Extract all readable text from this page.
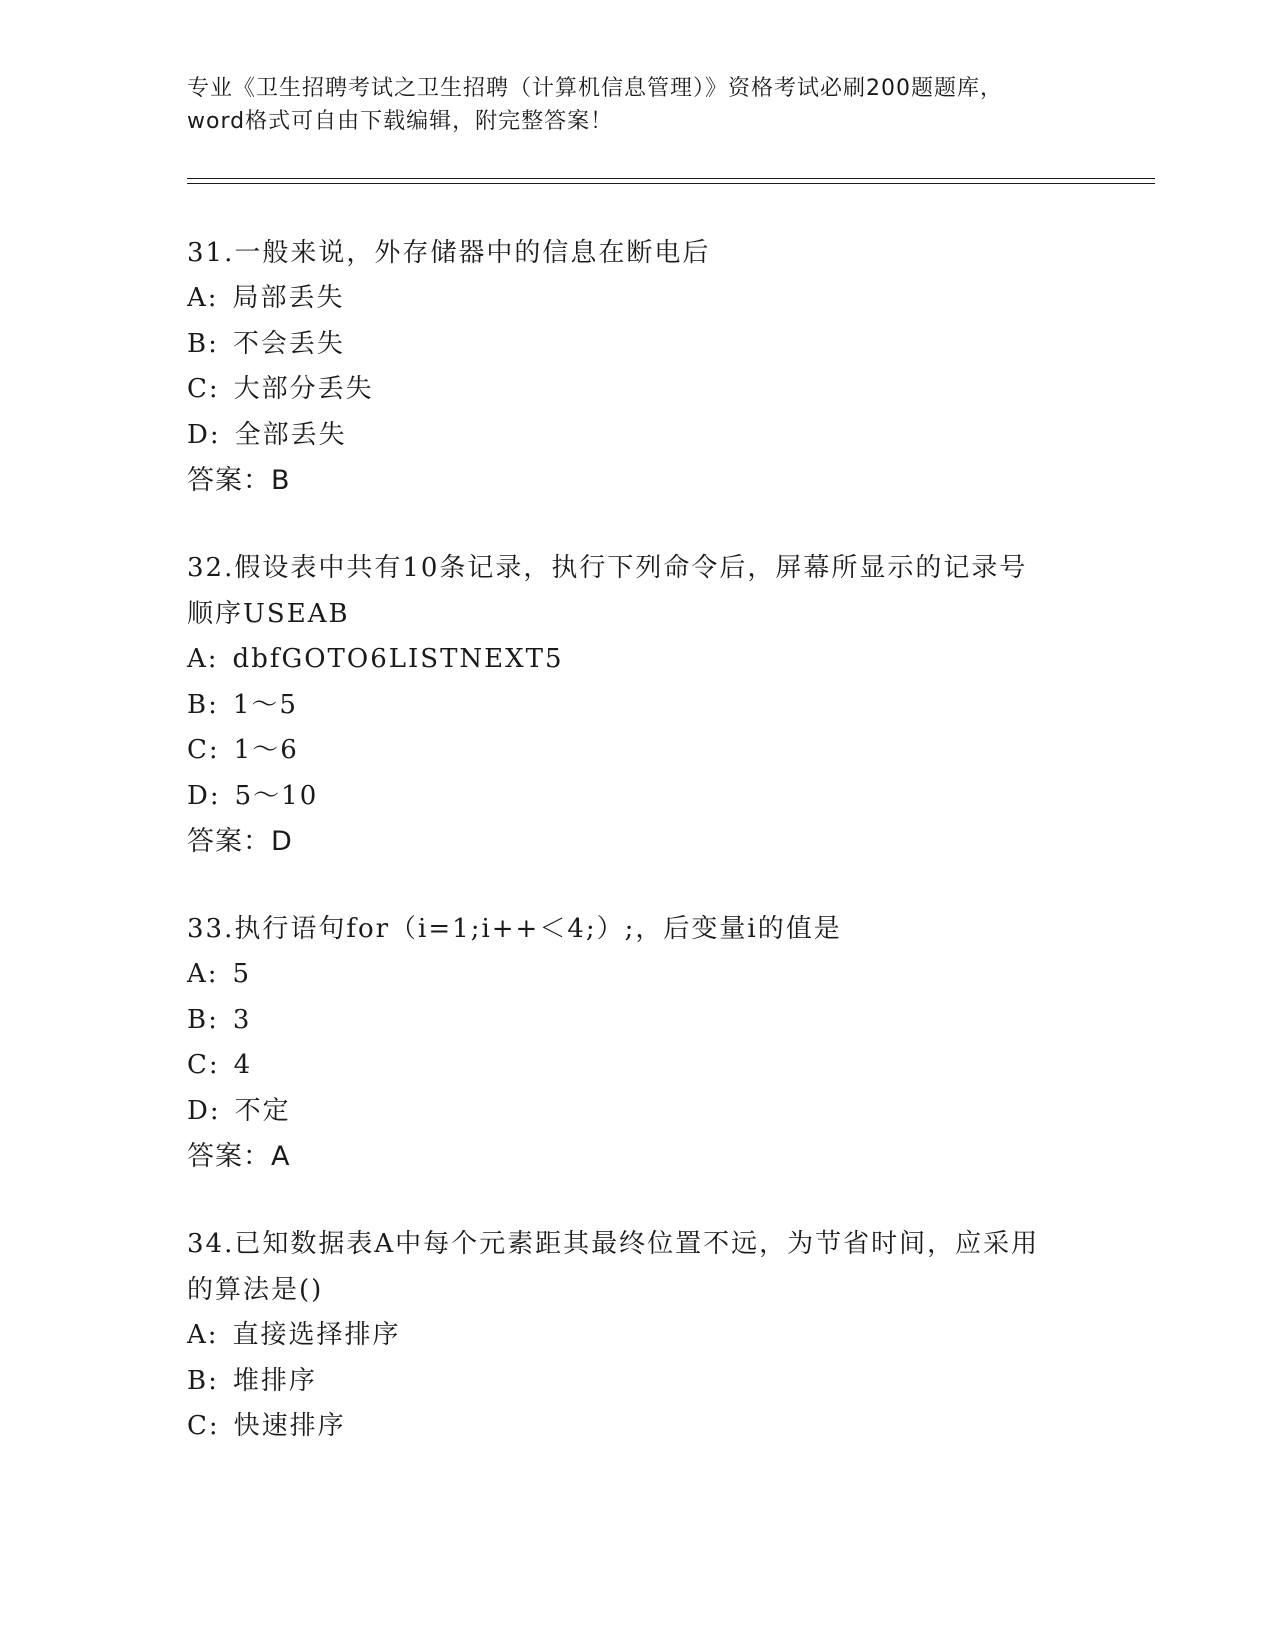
专业《卫生招聘考试之卫生招聘（计算机信息管理）》资格考试必刷200题题库，
word格式可自由下载编辑，附完整答案！
31.一般来说，外存储器中的信息在断电后
A: 局部丢失
B: 不会丢失
C: 大部分丢失
D: 全部丢失
答案：B
32.假设表中共有10条记录，执行下列命令后，屏幕所显示的记录号
顺序USEAB
A: dbfGOTO6LISTNEXT5
B: 1～5
C: 1～6
D: 5～10
答案：D
33.执行语句for（i=1;i++＜4;）;，后变量i的值是
A: 5
B: 3
C: 4
D: 不定
答案：A
34.已知数据表A中每个元素距其最终位置不远，为节省时间，应采用
的算法是()
A: 直接选择排序
B: 堆排序
C: 快速排序
